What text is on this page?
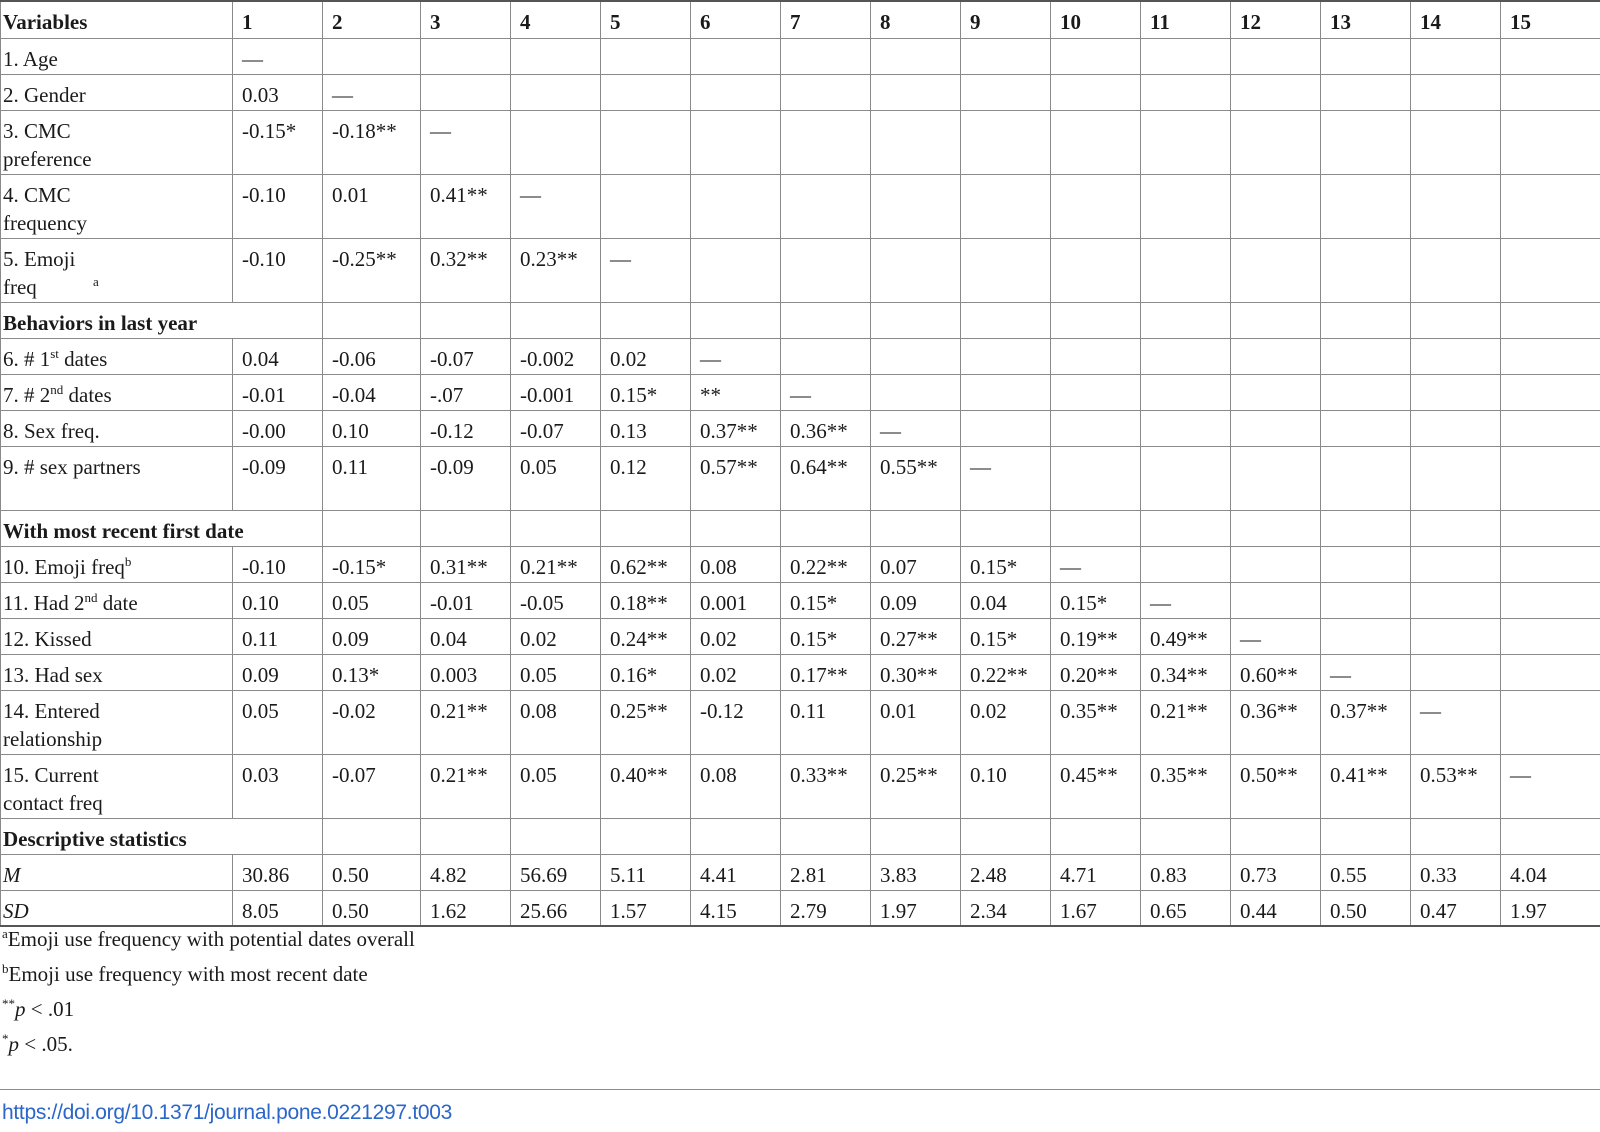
Variables	1	2	3	4	5	6	7	8	9	10	11	12	13	14	15
1. Age	—														
2. Gender	0.03	—													
3. CMC preference	-0.15*	-0.18**	—												
4. CMC frequency	-0.10	0.01	0.41**	—											
5. Emoji freq $^a$	-0.10	-0.25**	0.32**	0.23**	—										
Behaviors in last year															
6. # 1st dates	0.04	-0.06	-0.07	-0.002	0.02	—									
7. # 2nd dates	-0.01	-0.04	-.07	-0.001	0.15*	**	—								
8. Sex freq.	-0.00	0.10	-0.12	-0.07	0.13	0.37**	0.36**	—							
9. # sex partners	-0.09	0.11	-0.09	0.05	0.12	0.57**	0.64**	0.55**	—						
With most recent first date															
10. Emoji freq$^b$	-0.10	-0.15*	0.31**	0.21**	0.62**	0.08	0.22**	0.07	0.15*	—					
11. Had 2nd date	0.10	0.05	-0.01	-0.05	0.18**	0.001	0.15*	0.09	0.04	0.15*	—				
12. Kissed	0.11	0.09	0.04	0.02	0.24**	0.02	0.15*	0.27**	0.15*	0.19**	0.49**	—			
13. Had sex	0.09	0.13*	0.003	0.05	0.16*	0.02	0.17**	0.30**	0.22**	0.20**	0.34**	0.60**	—		
14. Entered relationship	0.05	-0.02	0.21**	0.08	0.25**	-0.12	0.11	0.01	0.02	0.35**	0.21**	0.36**	0.37**	—	
15. Current contact freq	0.03	-0.07	0.21**	0.05	0.40**	0.08	0.33**	0.25**	0.10	0.45**	0.35**	0.50**	0.41**	0.53**	—
Descriptive statistics															
M	30.86	0.50	4.82	56.69	5.11	4.41	2.81	3.83	2.48	4.71	0.83	0.73	0.55	0.33	4.04
SD	8.05	0.50	1.62	25.66	1.57	4.15	2.79	1.97	2.34	1.67	0.65	0.44	0.50	0.47	1.97
$^a$Emoji use frequency with potential dates overall
$^b$Emoji use frequency with most recent date
**p < .01
*p < .05.
https://doi.org/10.1371/journal.pone.0221297.t003
